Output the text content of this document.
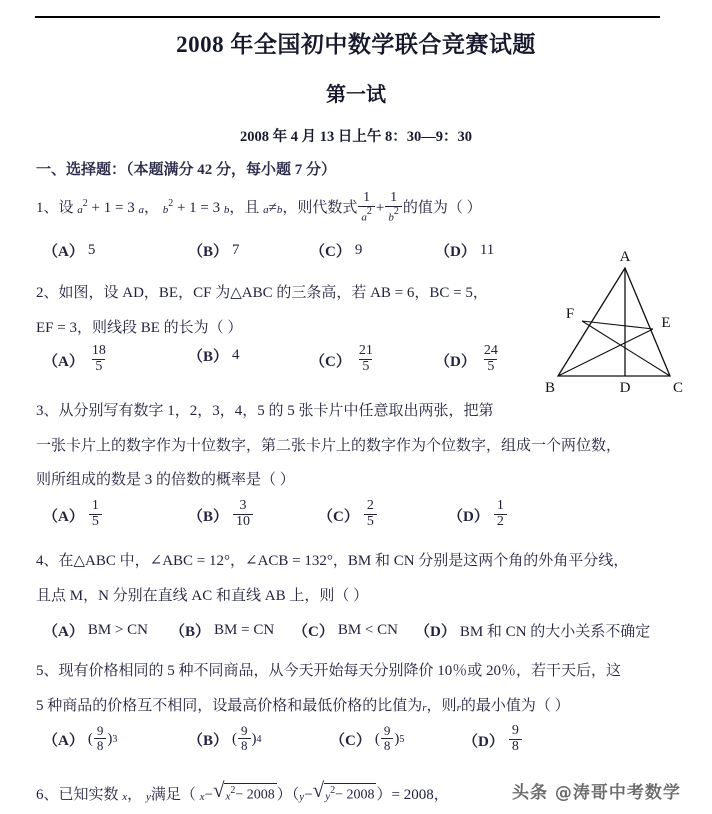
2008 年全国初中数学联合竞赛试题
第一试
2008 年 4 月 13 日上午 8：30—9：30
一、选择题：（本题满分 42 分，每小题 7 分）
1、设 $a^2 + 1 = 3$ a， $b^2 + 1 = 3$ b，且 a≠b，则代数式 $\frac{1}{a^2} + \frac{1}{b^2}$ 的值为（ ）
（A） 5	（B） 7	（C） 9	（D） 11
2、如图，设 AD，BE，CF 为△ABC 的三条高，若 AB = 6，BC = 5，
EF = 3，则线段 BE 的长为（ ）
$(A) \frac{18}{5}$	（B） 4	$(C) \frac{21}{5}$	$(D) \frac{24}{5}$
A
B	C
D
E
F
3、从分别写有数字 1，2，3，4，5 的 5 张卡片中任意取出两张，把第
一张卡片上的数字作为十位数字，第二张卡片上的数字作为个位数字，组成一个两位数，
则所组成的数是 3 的倍数的概率是（ ）
$(A) \frac{1}{5}$	$(B) \frac{3}{10}$	$(C) \frac{2}{5}$	$(D) \frac{1}{2}$
4、在△ABC 中，∠ABC = 12°，∠ACB = 132°，BM 和 CN 分别是这两个角的外角平分线，
且点 M，N 分别在直线 AC 和直线 AB 上，则（ ）
（A） BM > CN （B） BM = CN （C） BM < CN （D） BM 和 CN 的大小关系不确定
5、现有价格相同的 5 种不同商品，从今天开始每天分别降价 10％或 20％，若干天后，这
5 种商品的价格互不相同，设最高价格和最低价格的比值为r，则r的最小值为（ ）
（A） ( $\frac{9}{8}$ ) 3	（B） ( $\frac{9}{8}$ ) 4	（C） ( $\frac{9}{8}$ ) 5	$(D) \frac{9}{8}$
6、已知实数 x， y满足（ x− √ $x^2- 2008$ ）（y− √ $y^2- 2008$ ）= 2008，	头条 @涛哥中考数学
